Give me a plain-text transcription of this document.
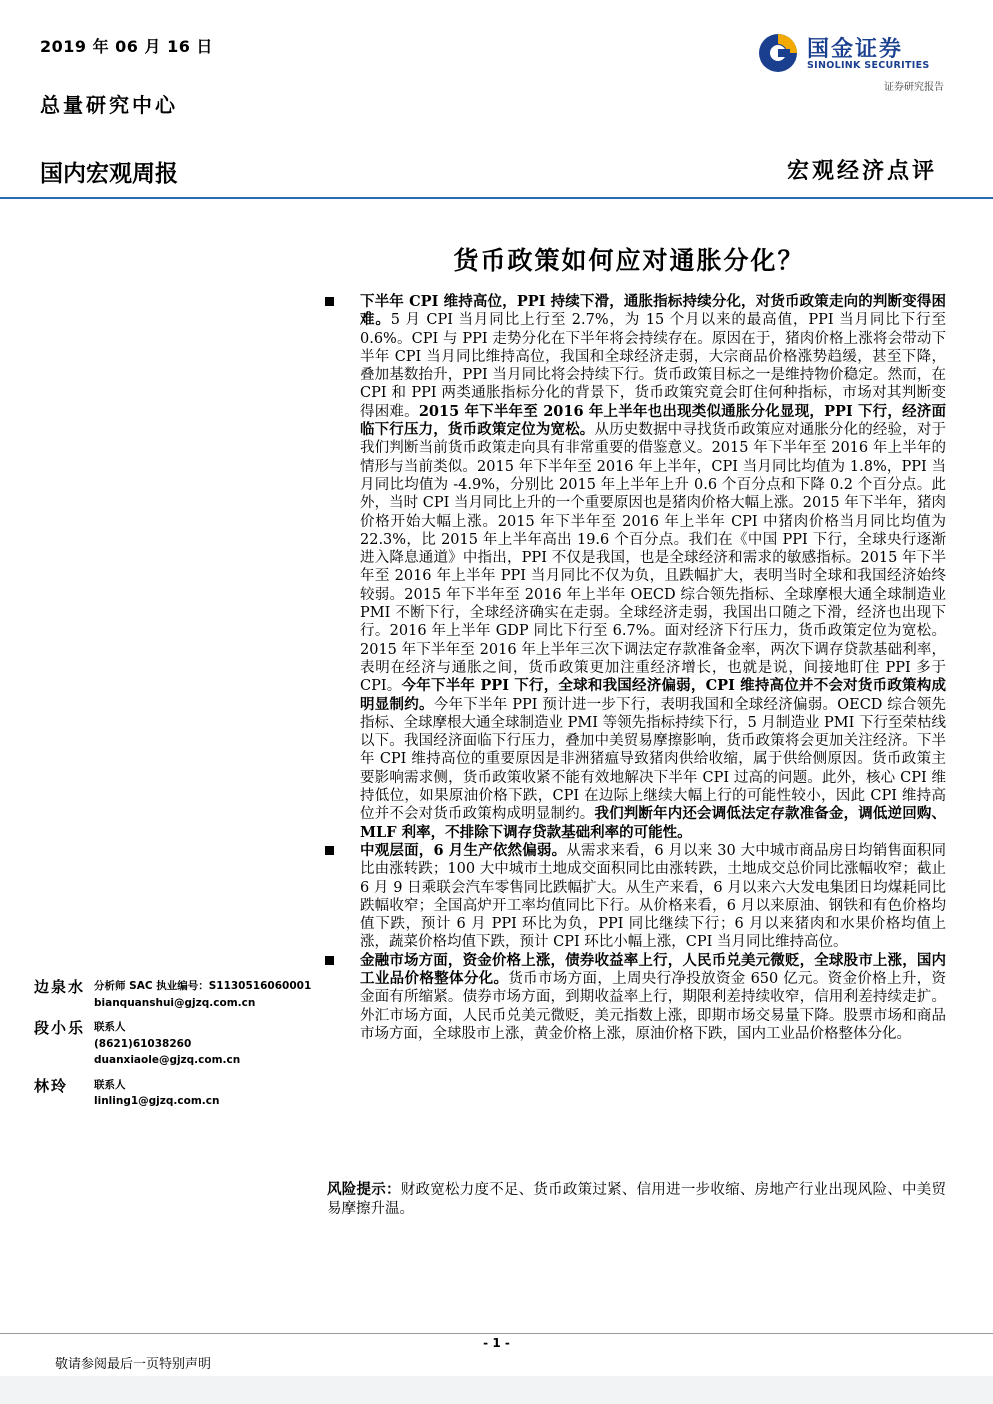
2019 年 06 月 16 日
总量研究中心
国金证券
SINOLINK SECURITIES
证券研究报告
国内宏观周报	宏观经济点评
货币政策如何应对通胀分化？

下半年 CPI 维持高位，PPI 持续下滑，通胀指标持续分化，对货币政策走向的判断变得困难。5 月 CPI 当月同比上行至 2.7%，为 15 个月以来的最高值，PPI 当月同比下行至 0.6%。CPI 与 PPI 走势分化在下半年将会持续存在。原因在于，猪肉价格上涨将会带动下半年 CPI 当月同比维持高位，我国和全球经济走弱，大宗商品价格涨势趋缓，甚至下降，叠加基数抬升，PPI 当月同比将会持续下行。货币政策目标之一是维持物价稳定。然而，在 CPI 和 PPI 两类通胀指标分化的背景下，货币政策究竟会盯住何种指标，市场对其判断变得困难。2015 年下半年至 2016 年上半年也出现类似通胀分化显现，PPI 下行，经济面临下行压力，货币政策定位为宽松。从历史数据中寻找货币政策应对通胀分化的经验，对于我们判断当前货币政策走向具有非常重要的借鉴意义。2015 年下半年至 2016 年上半年的情形与当前类似。2015 年下半年至 2016 年上半年，CPI 当月同比均值为 1.8%，PPI 当月同比均值为 -4.9%，分别比 2015 年上半年上升 0.6 个百分点和下降 0.2 个百分点。此外，当时 CPI 当月同比上升的一个重要原因也是猪肉价格大幅上涨。2015 年下半年，猪肉价格开始大幅上涨。2015 年下半年至 2016 年上半年 CPI 中猪肉价格当月同比均值为 22.3%，比 2015 年上半年高出 19.6 个百分点。我们在《中国 PPI 下行，全球央行逐渐进入降息通道》中指出，PPI 不仅是我国，也是全球经济和需求的敏感指标。2015 年下半年至 2016 年上半年 PPI 当月同比不仅为负，且跌幅扩大，表明当时全球和我国经济始终较弱。2015 年下半年至 2016 年上半年 OECD 综合领先指标、全球摩根大通全球制造业 PMI 不断下行，全球经济确实在走弱。全球经济走弱，我国出口随之下滑，经济也出现下行。2016 年上半年 GDP 同比下行至 6.7%。面对经济下行压力，货币政策定位为宽松。2015 年下半年至 2016 年上半年三次下调法定存款准备金率，两次下调存贷款基础利率，表明在经济与通胀之间，货币政策更加注重经济增长，也就是说，间接地盯住 PPI 多于 CPI。今年下半年 PPI 下行，全球和我国经济偏弱，CPI 维持高位并不会对货币政策构成明显制约。今年下半年 PPI 预计进一步下行，表明我国和全球经济偏弱。OECD 综合领先指标、全球摩根大通全球制造业 PMI 等领先指标持续下行，5 月制造业 PMI 下行至荣枯线以下。我国经济面临下行压力，叠加中美贸易摩擦影响，货币政策将会更加关注经济。下半年 CPI 维持高位的重要原因是非洲猪瘟导致猪肉供给收缩，属于供给侧原因。货币政策主要影响需求侧，货币政策收紧不能有效地解决下半年 CPI 过高的问题。此外，核心 CPI 维持低位，如果原油价格下跌，CPI 在边际上继续大幅上行的可能性较小，因此 CPI 维持高位并不会对货币政策构成明显制约。我们判断年内还会调低法定存款准备金，调低逆回购、MLF 利率，不排除下调存贷款基础利率的可能性。

中观层面，6 月生产依然偏弱。从需求来看，6 月以来 30 大中城市商品房日均销售面积同比由涨转跌；100 大中城市土地成交面积同比由涨转跌，土地成交总价同比涨幅收窄；截止 6 月 9 日乘联会汽车零售同比跌幅扩大。从生产来看，6 月以来六大发电集团日均煤耗同比跌幅收窄；全国高炉开工率均值同比下行。从价格来看，6 月以来原油、钢铁和有色价格均值下跌，预计 6 月 PPI 环比为负，PPI 同比继续下行；6 月以来猪肉和水果价格均值上涨，蔬菜价格均值下跌，预计 CPI 环比小幅上涨，CPI 当月同比维持高位。

金融市场方面，资金价格上涨，债券收益率上行，人民币兑美元微贬，全球股市上涨，国内工业品价格整体分化。货币市场方面，上周央行净投放资金 650 亿元。资金价格上升，资金面有所缩紧。债券市场方面，到期收益率上行，期限利差持续收窄，信用利差持续走扩。外汇市场方面，人民币兑美元微贬，美元指数上涨，即期市场交易量下降。股票市场和商品市场方面，全球股市上涨，黄金价格上涨，原油价格下跌，国内工业品价格整体分化。

风险提示：财政宽松力度不足、货币政策过紧、信用进一步收缩、房地产行业出现风险、中美贸易摩擦升温。
边泉水 分析师 SAC 执业编号：S1130516060001
bianquanshui@gjzq.com.cn
段小乐 联系人
(8621)61038260
duanxiaole@gjzq.com.cn
林玲 联系人
linling1@gjzq.com.cn
- 1 -
敬请参阅最后一页特别声明
